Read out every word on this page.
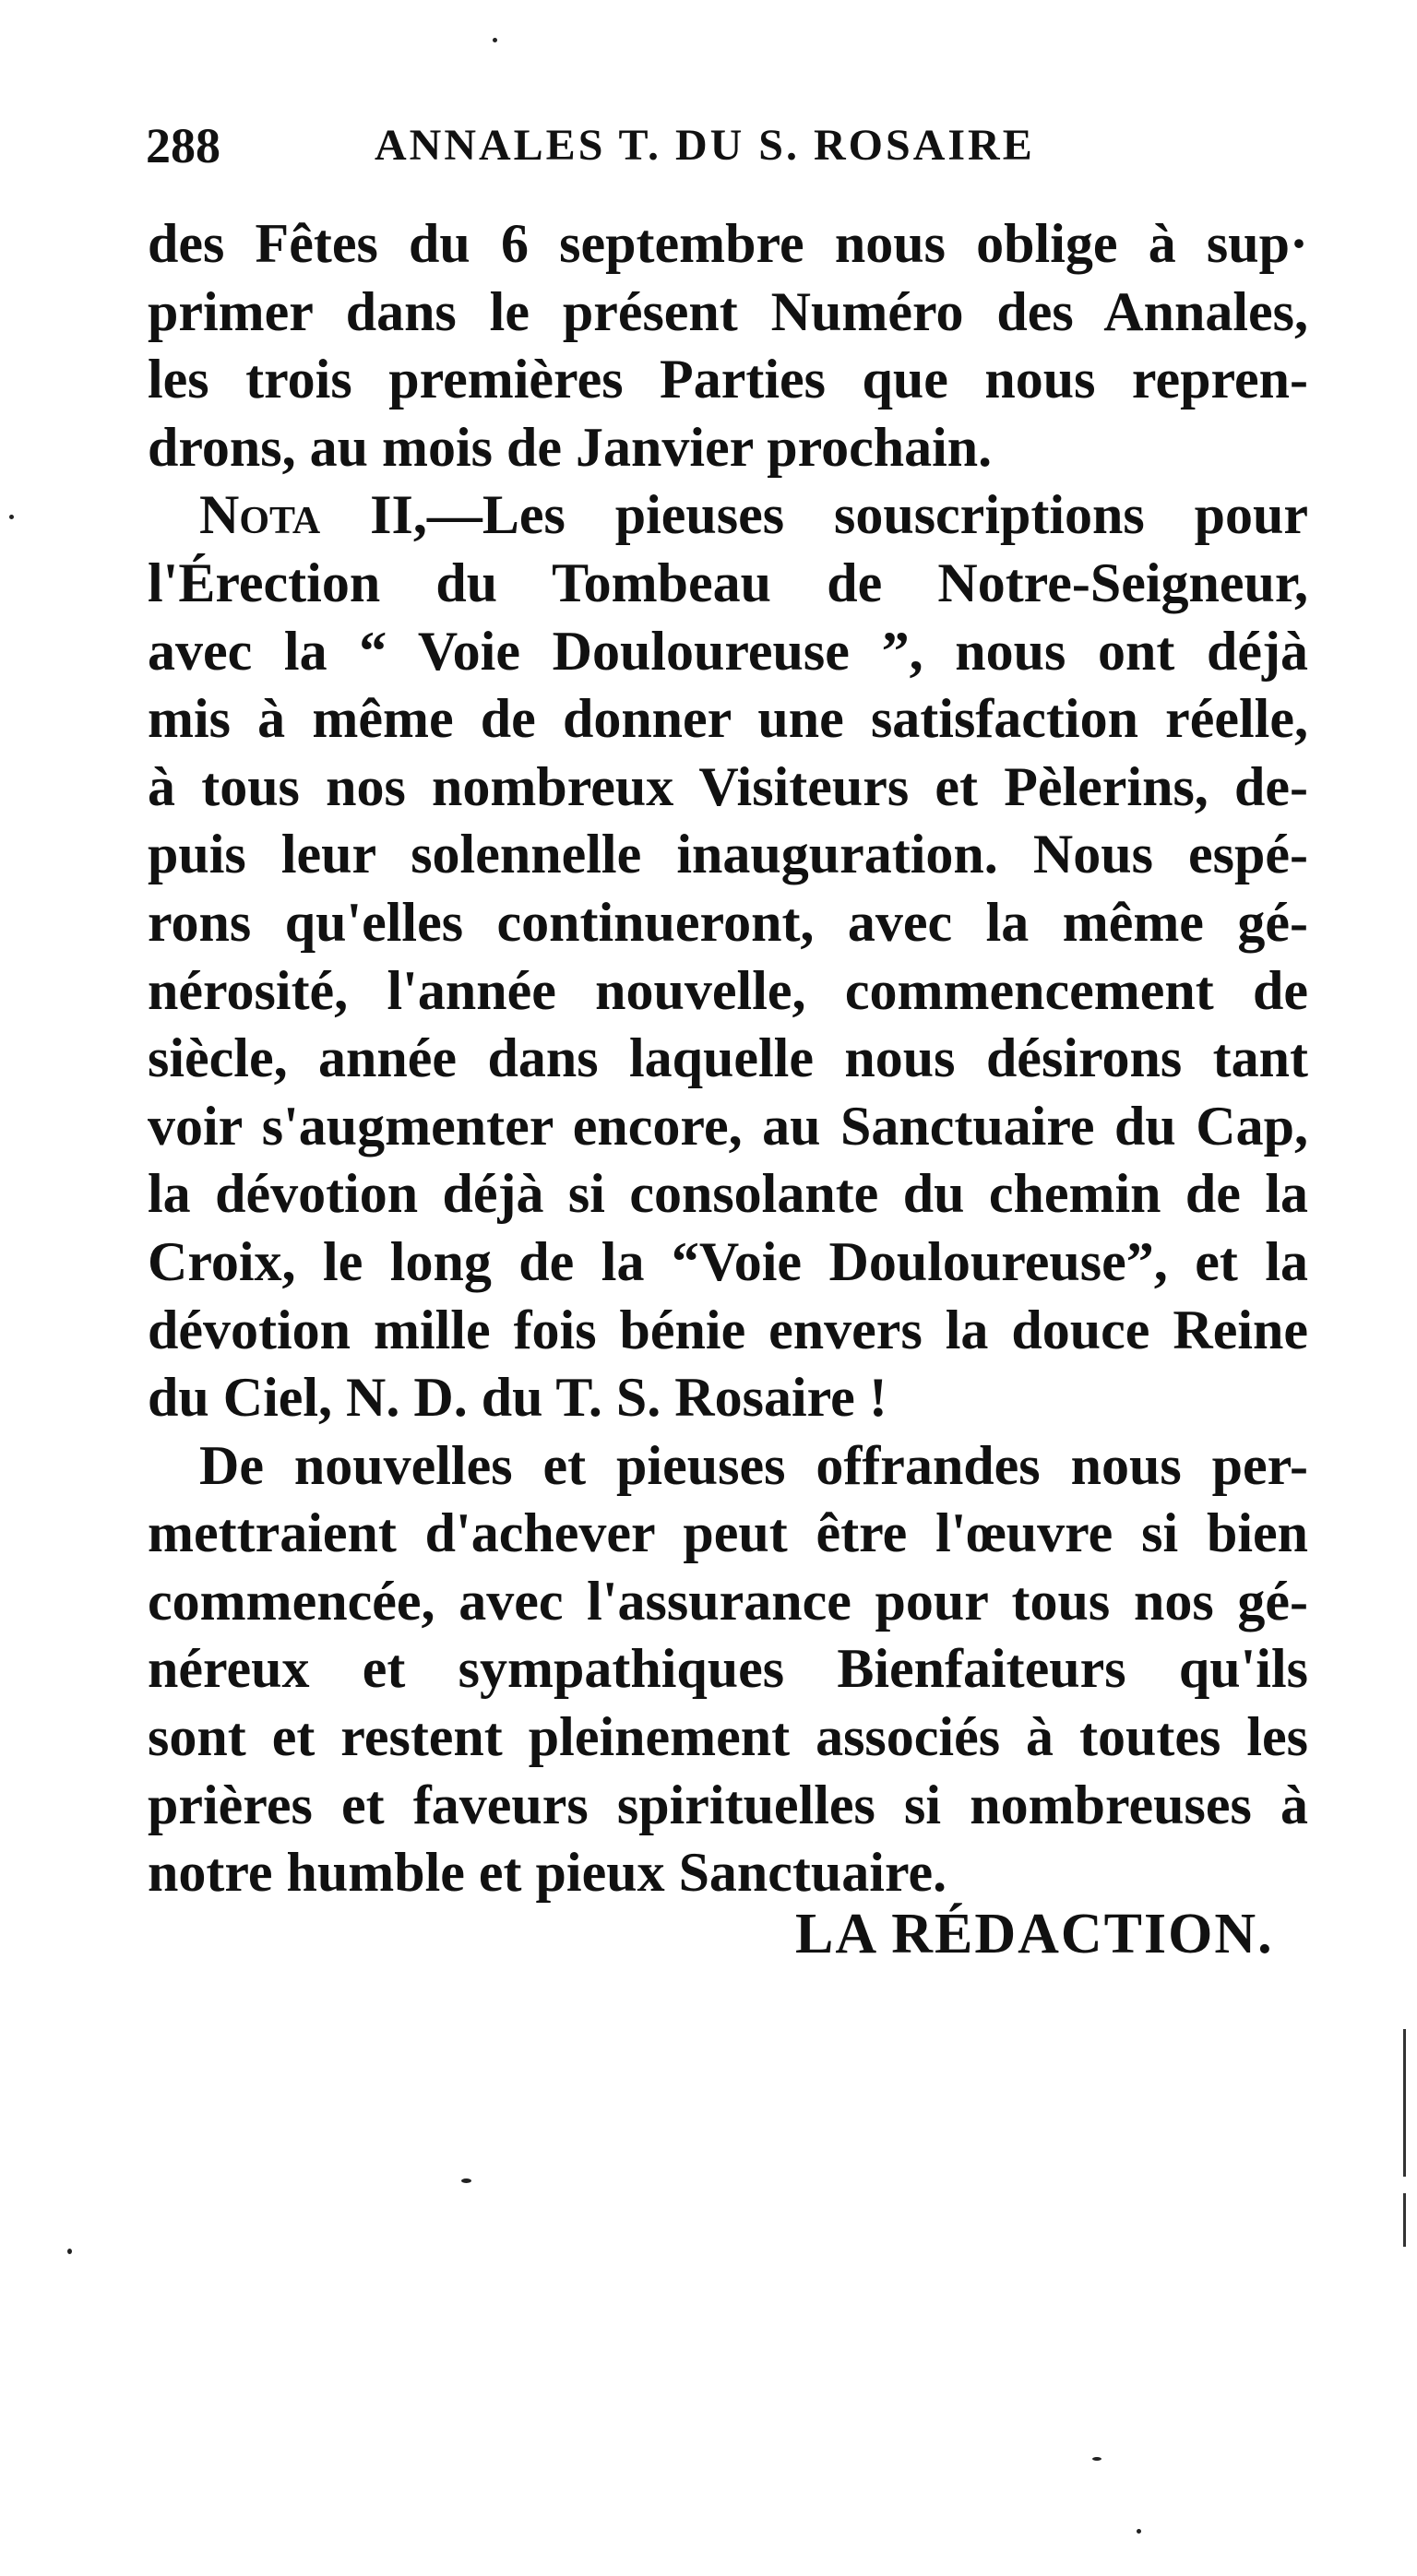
288	ANNALES T. DU S. ROSAIRE
des Fêtes du 6 septembre nous oblige à sup·
primer dans le présent Numéro des Annales,
les trois premières Parties que nous repren-
drons, au mois de Janvier prochain.
Nota II,—Les pieuses souscriptions pour
l'Érection du Tombeau de Notre-Seigneur,
avec la “ Voie Douloureuse ”, nous ont déjà
mis à même de donner une satisfaction réelle,
à tous nos nombreux Visiteurs et Pèlerins, de-
puis leur solennelle inauguration. Nous espé-
rons qu'elles continueront, avec la même gé-
nérosité, l'année nouvelle, commencement de
siècle, année dans laquelle nous désirons tant
voir s'augmenter encore, au Sanctuaire du Cap,
la dévotion déjà si consolante du chemin de la
Croix, le long de la “Voie Douloureuse”, et la
dévotion mille fois bénie envers la douce Reine
du Ciel, N. D. du T. S. Rosaire !
De nouvelles et pieuses offrandes nous per-
mettraient d'achever peut être l'œuvre si bien
commencée, avec l'assurance pour tous nos gé-
néreux et sympathiques Bienfaiteurs qu'ils
sont et restent pleinement associés à toutes les
prières et faveurs spirituelles si nombreuses à
notre humble et pieux Sanctuaire.
LA RÉDACTION.
